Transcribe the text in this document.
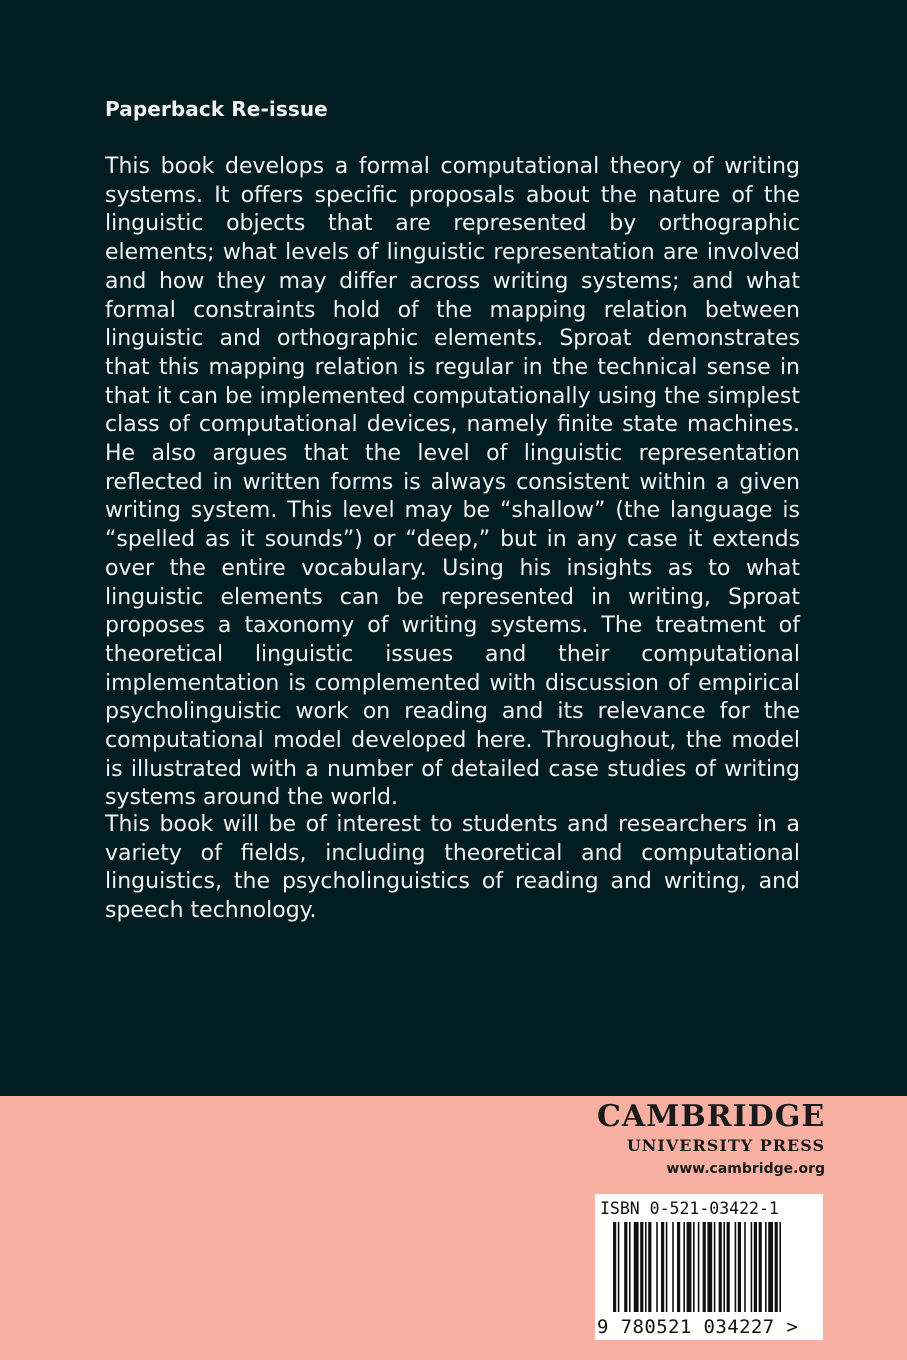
Paperback Re-issue

This book develops a formal computational theory of writing systems. It offers specific proposals about the nature of the linguistic objects that are represented by orthographic elements; what levels of linguistic representation are involved and how they may differ across writing systems; and what formal constraints hold of the mapping relation between linguistic and orthographic elements. Sproat demonstrates that this mapping relation is regular in the technical sense in that it can be implemented computationally using the simplest class of computational devices, namely finite state machines. He also argues that the level of linguistic representation reflected in written forms is always consistent within a given writing system. This level may be “shallow” (the language is “spelled as it sounds”) or “deep,” but in any case it extends over the entire vocabulary. Using his insights as to what linguistic elements can be represented in writing, Sproat proposes a taxonomy of writing systems. The treatment of theoretical linguistic issues and their computational implementation is complemented with discussion of empirical psycholinguistic work on reading and its relevance for the computational model developed here. Throughout, the model is illustrated with a number of detailed case studies of writing systems around the world.

This book will be of interest to students and researchers in a variety of fields, including theoretical and computational linguistics, the psycholinguistics of reading and writing, and speech technology.

CAMBRIDGE
UNIVERSITY PRESS
www.cambridge.org
ISBN 0-521-03422-1
9 780521 034227 >
